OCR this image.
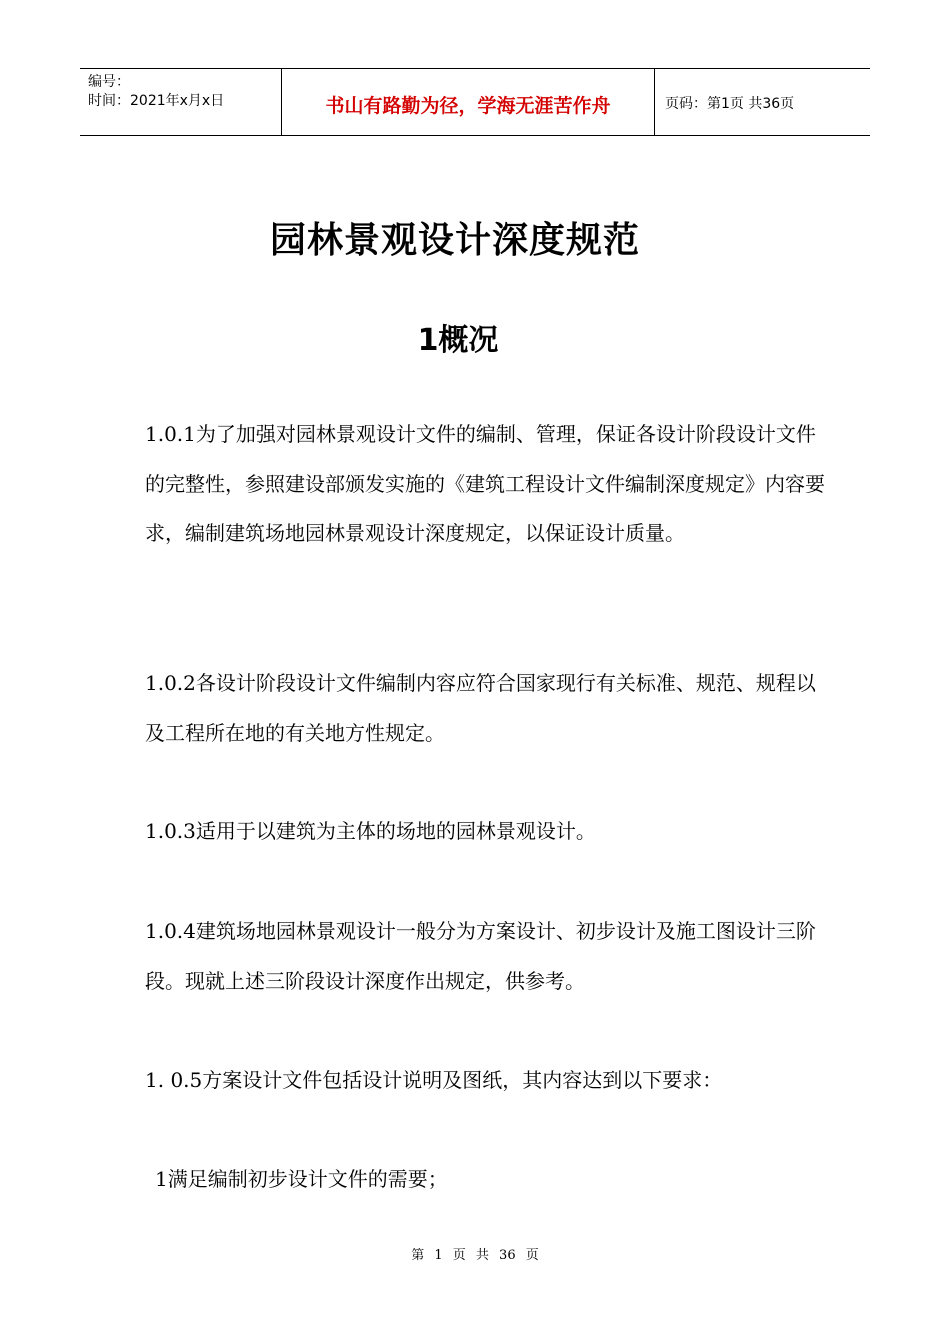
编号：
时间：2021年x月x日	书山有路勤为径，学海无涯苦作舟	页码：第1页 共36页
园林景观设计深度规范
1概况

1.0.1为了加强对园林景观设计文件的编制、管理，保证各设计阶段设计文件的完整性，参照建设部颁发实施的《建筑工程设计文件编制深度规定》内容要求，编制建筑场地园林景观设计深度规定，以保证设计质量。

1.0.2各设计阶段设计文件编制内容应符合国家现行有关标准、规范、规程以及工程所在地的有关地方性规定。

1.0.3适用于以建筑为主体的场地的园林景观设计。

1.0.4建筑场地园林景观设计一般分为方案设计、初步设计及施工图设计三阶段。现就上述三阶段设计深度作出规定，供参考。

1. 0.5方案设计文件包括设计说明及图纸，其内容达到以下要求：

1满足编制初步设计文件的需要；

第 1 页 共 36 页
